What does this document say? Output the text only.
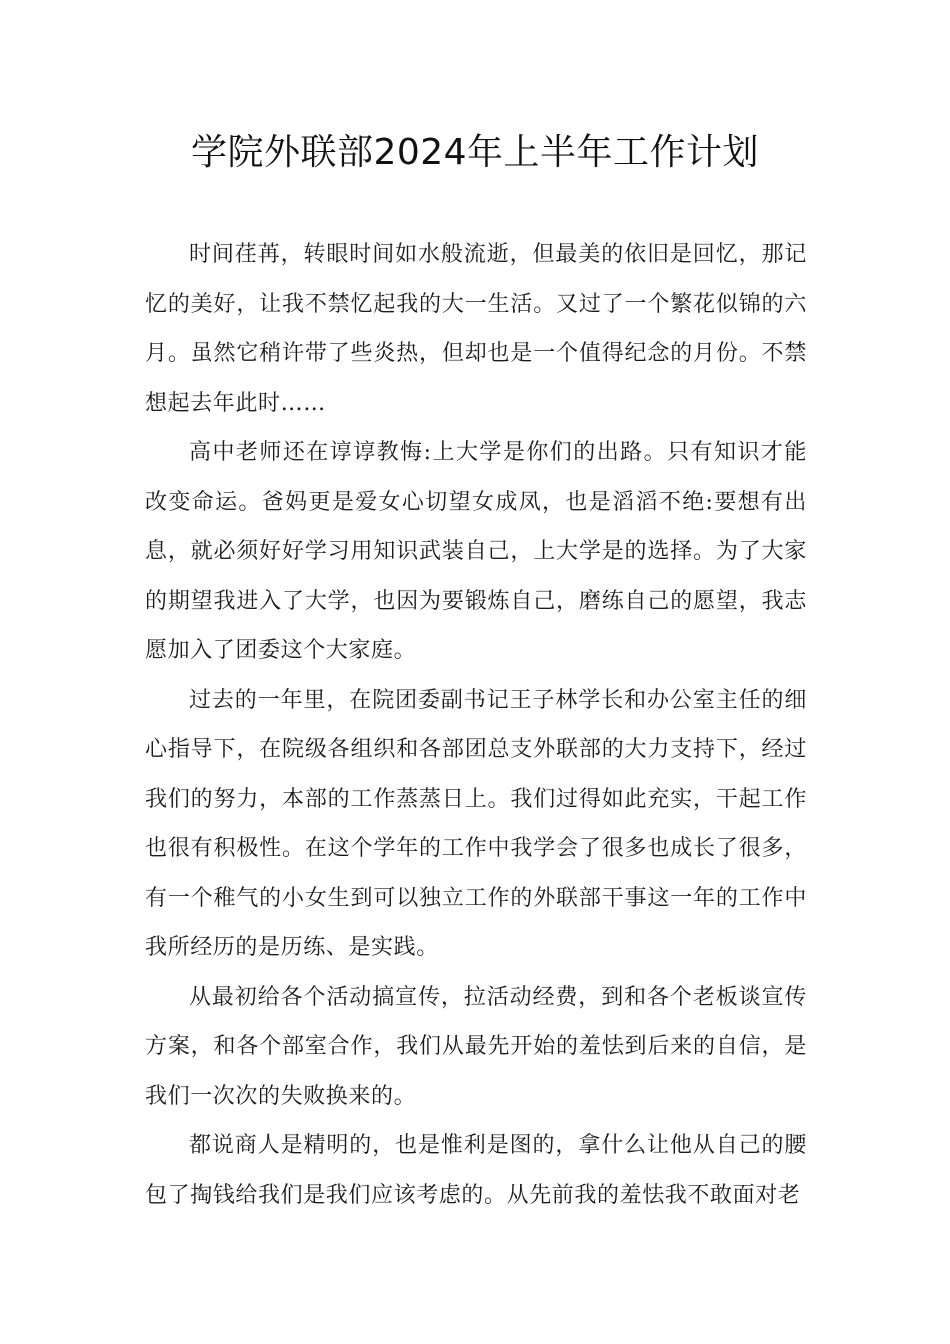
学院外联部2024年上半年工作计划

时间荏苒，转眼时间如水般流逝，但最美的依旧是回忆，那记忆的美好，让我不禁忆起我的大一生活。又过了一个繁花似锦的六月。虽然它稍许带了些炎热，但却也是一个值得纪念的月份。不禁想起去年此时……

高中老师还在谆谆教悔:上大学是你们的出路。只有知识才能改变命运。爸妈更是爱女心切望女成凤，也是滔滔不绝:要想有出息，就必须好好学习用知识武装自己，上大学是的选择。为了大家的期望我进入了大学，也因为要锻炼自己，磨练自己的愿望，我志愿加入了团委这个大家庭。

过去的一年里，在院团委副书记王子林学长和办公室主任的细心指导下，在院级各组织和各部团总支外联部的大力支持下，经过我们的努力，本部的工作蒸蒸日上。我们过得如此充实，干起工作也很有积极性。在这个学年的工作中我学会了很多也成长了很多，有一个稚气的小女生到可以独立工作的外联部干事这一年的工作中我所经历的是历练、是实践。

从最初给各个活动搞宣传，拉活动经费，到和各个老板谈宣传方案，和各个部室合作，我们从最先开始的羞怯到后来的自信，是我们一次次的失败换来的。

都说商人是精明的，也是惟利是图的，拿什么让他从自己的腰包了掏钱给我们是我们应该考虑的。从先前我的羞怯我不敢面对老
